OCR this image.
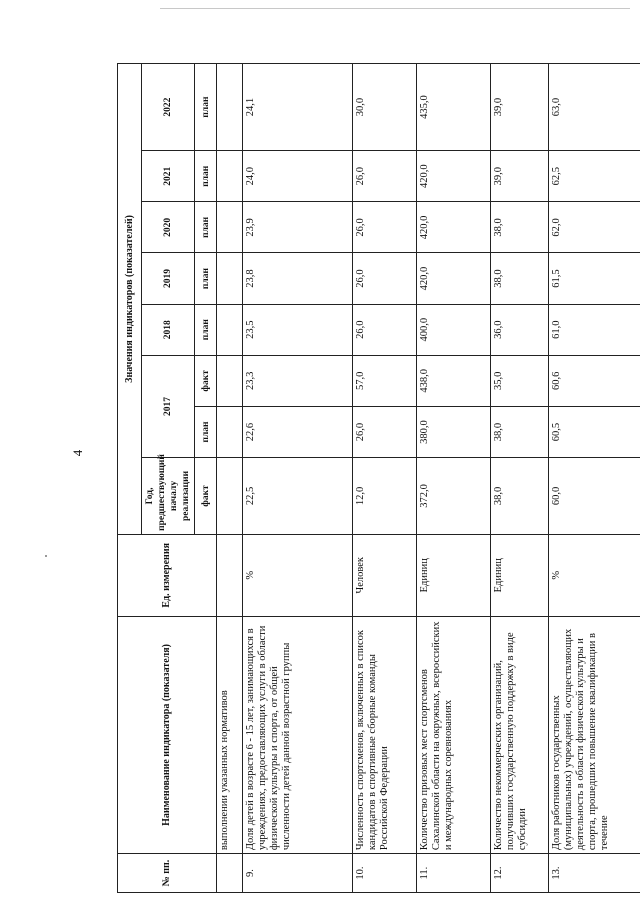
4
№ пп.	Наименование индикатора (показателя)	Ед. измерения	Значения индикаторов (показателей)							
			Год, предшествующий началу реализации	2017		2018	2019	2020	2021	2022
			факт	план	факт	план	план	план	план	план
	выполнении указанных нормативов									
9.	Доля детей в возрасте 6 - 15 лет, занимающихся в учреждениях, предоставляющих услуги в области физической культуры и спорта, от общей численности детей данной возрастной группы	%	22,5	22,6	23,3	23,5	23,8	23,9	24,0	24,1
10.	Численность спортсменов, включенных в список кандидатов в спортивные сборные команды Российской Федерации	Человек	12,0	26,0	57,0	26,0	26,0	26,0	26,0	30,0
11.	Количество призовых мест спортсменов Сахалинской области на окружных, всероссийских и международных соревнованиях	Единиц	372,0	380,0	438,0	400,0	420,0	420,0	420,0	435,0
12.	Количество некоммерческих организаций, получивших государственную поддержку в виде субсидии	Единиц	38,0	38,0	35,0	36,0	38,0	38,0	39,0	39,0
13.	Доля работников государственных (муниципальных) учреждений, осуществляющих деятельность в области физической культуры и спорта, прошедших повышение квалификации в течение	%	60,0	60,5	60,6	61,0	61,5	62,0	62,5	63,0
